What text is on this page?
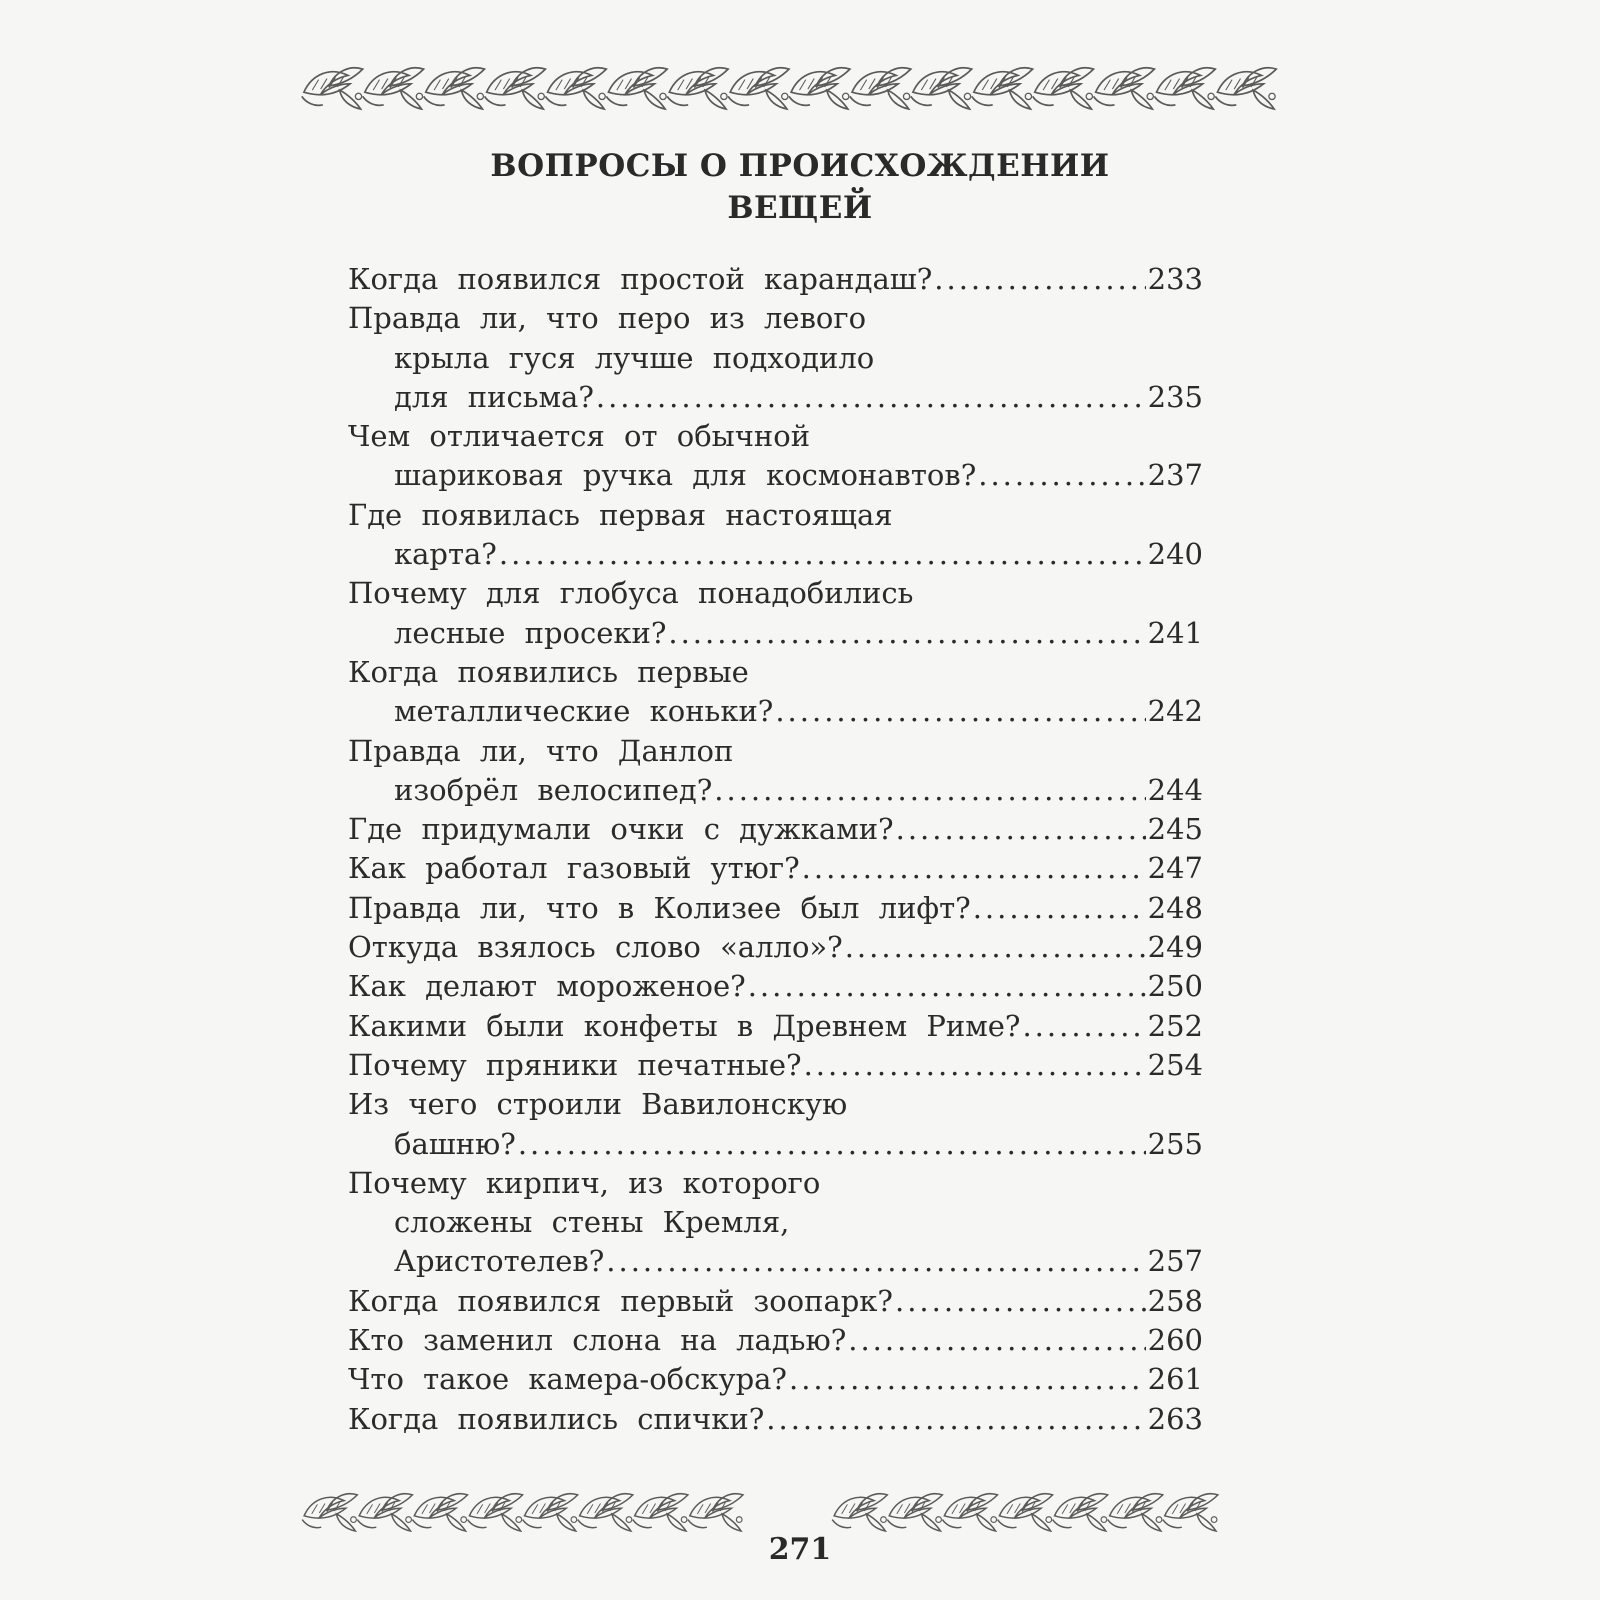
ВОПРОСЫ О ПРОИСХОЖДЕНИИ
ВЕЩЕЙ
Когда появился простой карандаш? .....	233
Правда ли, что перо из левого
крыла гуся лучше подходило
для письма? .....	235
Чем отличается от обычной
шариковая ручка для космонавтов? .....	237
Где появилась первая настоящая
карта? .....	240
Почему для глобуса понадобились
лесные просеки? .....	241
Когда появились первые
металлические коньки? .....	242
Правда ли, что Данлоп
изобрёл велосипед? .....	244
Где придумали очки с дужками? .....	245
Как работал газовый утюг? .....	247
Правда ли, что в Колизее был лифт? .....	248
Откуда взялось слово «алло»? .....	249
Как делают мороженое? .....	250
Какими были конфеты в Древнем Риме? .....	252
Почему пряники печатные? .....	254
Из чего строили Вавилонскую
башню? .....	255
Почему кирпич, из которого
сложены стены Кремля,
Аристотелев? .....	257
Когда появился первый зоопарк? .....	258
Кто заменил слона на ладью? .....	260
Что такое камера-обскура? .....	261
Когда появились спички? .....	263
271
